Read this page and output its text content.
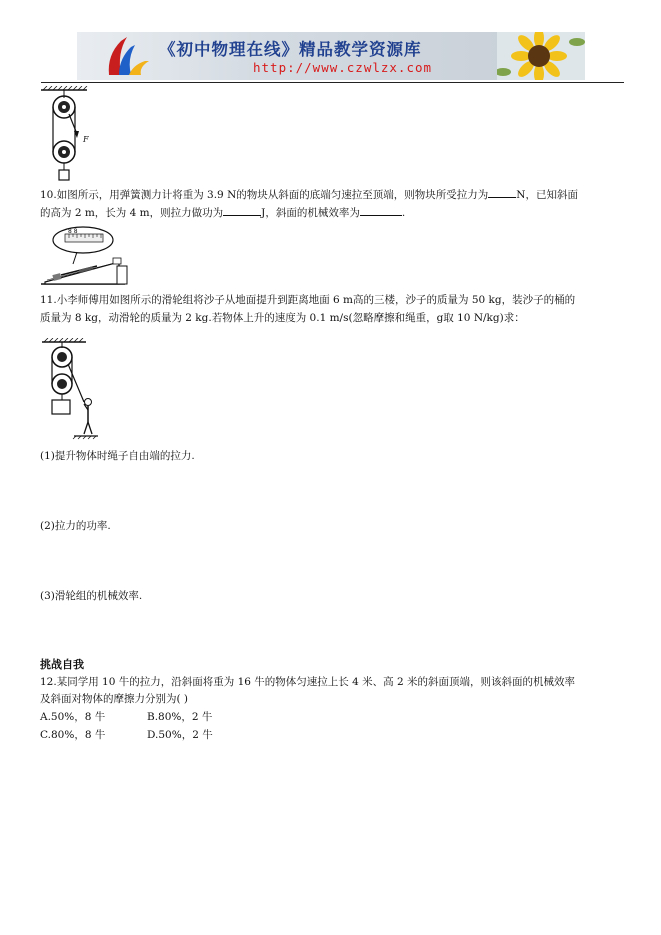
《初中物理在线》精品教学资源库
http://www.czwlzx.com
F
10.如图所示，用弹簧测力计将重为 3.9 N的物块从斜面的底端匀速拉至顶端，则物块所受拉力为	N，已知斜面
的高为 2 m，长为 4 m，则拉力做功为	J，斜面的机械效率为	.
8 8
11.小李师傅用如图所示的滑轮组将沙子从地面提升到距离地面 6 m高的三楼，沙子的质量为 50 kg，装沙子的桶的
质量为 8 kg，动滑轮的质量为 2 kg.若物体上升的速度为 0.1 m/s(忽略摩擦和绳重，g取 10 N/kg)求：
(1)提升物体时绳子自由端的拉力.
(2)拉力的功率.
(3)滑轮组的机械效率.
挑战自我
12.某同学用 10 牛的拉力，沿斜面将重为 16 牛的物体匀速拉上长 4 米、高 2 米的斜面顶端，则该斜面的机械效率
及斜面对物体的摩擦力分别为( )
A.50%，8 牛	B.80%，2 牛
C.80%，8 牛	D.50%，2 牛
